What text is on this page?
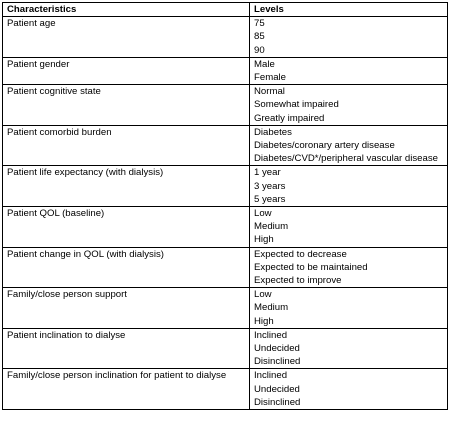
Characteristics	Levels
Patient age	75
85
90

Patient gender	Male
Female

Patient cognitive state	Normal
Somewhat impaired
Greatly impaired

Patient comorbid burden	Diabetes
Diabetes/coronary artery disease
Diabetes/CVD*/peripheral vascular disease

Patient life expectancy (with dialysis)	1 year
3 years
5 years

Patient QOL (baseline)	Low
Medium
High

Patient change in QOL (with dialysis)	Expected to decrease
Expected to be maintained
Expected to improve

Family/close person support	Low
Medium
High

Patient inclination to dialyse	Inclined
Undecided
Disinclined

Family/close person inclination for patient to dialyse	Inclined
Undecided
Disinclined
